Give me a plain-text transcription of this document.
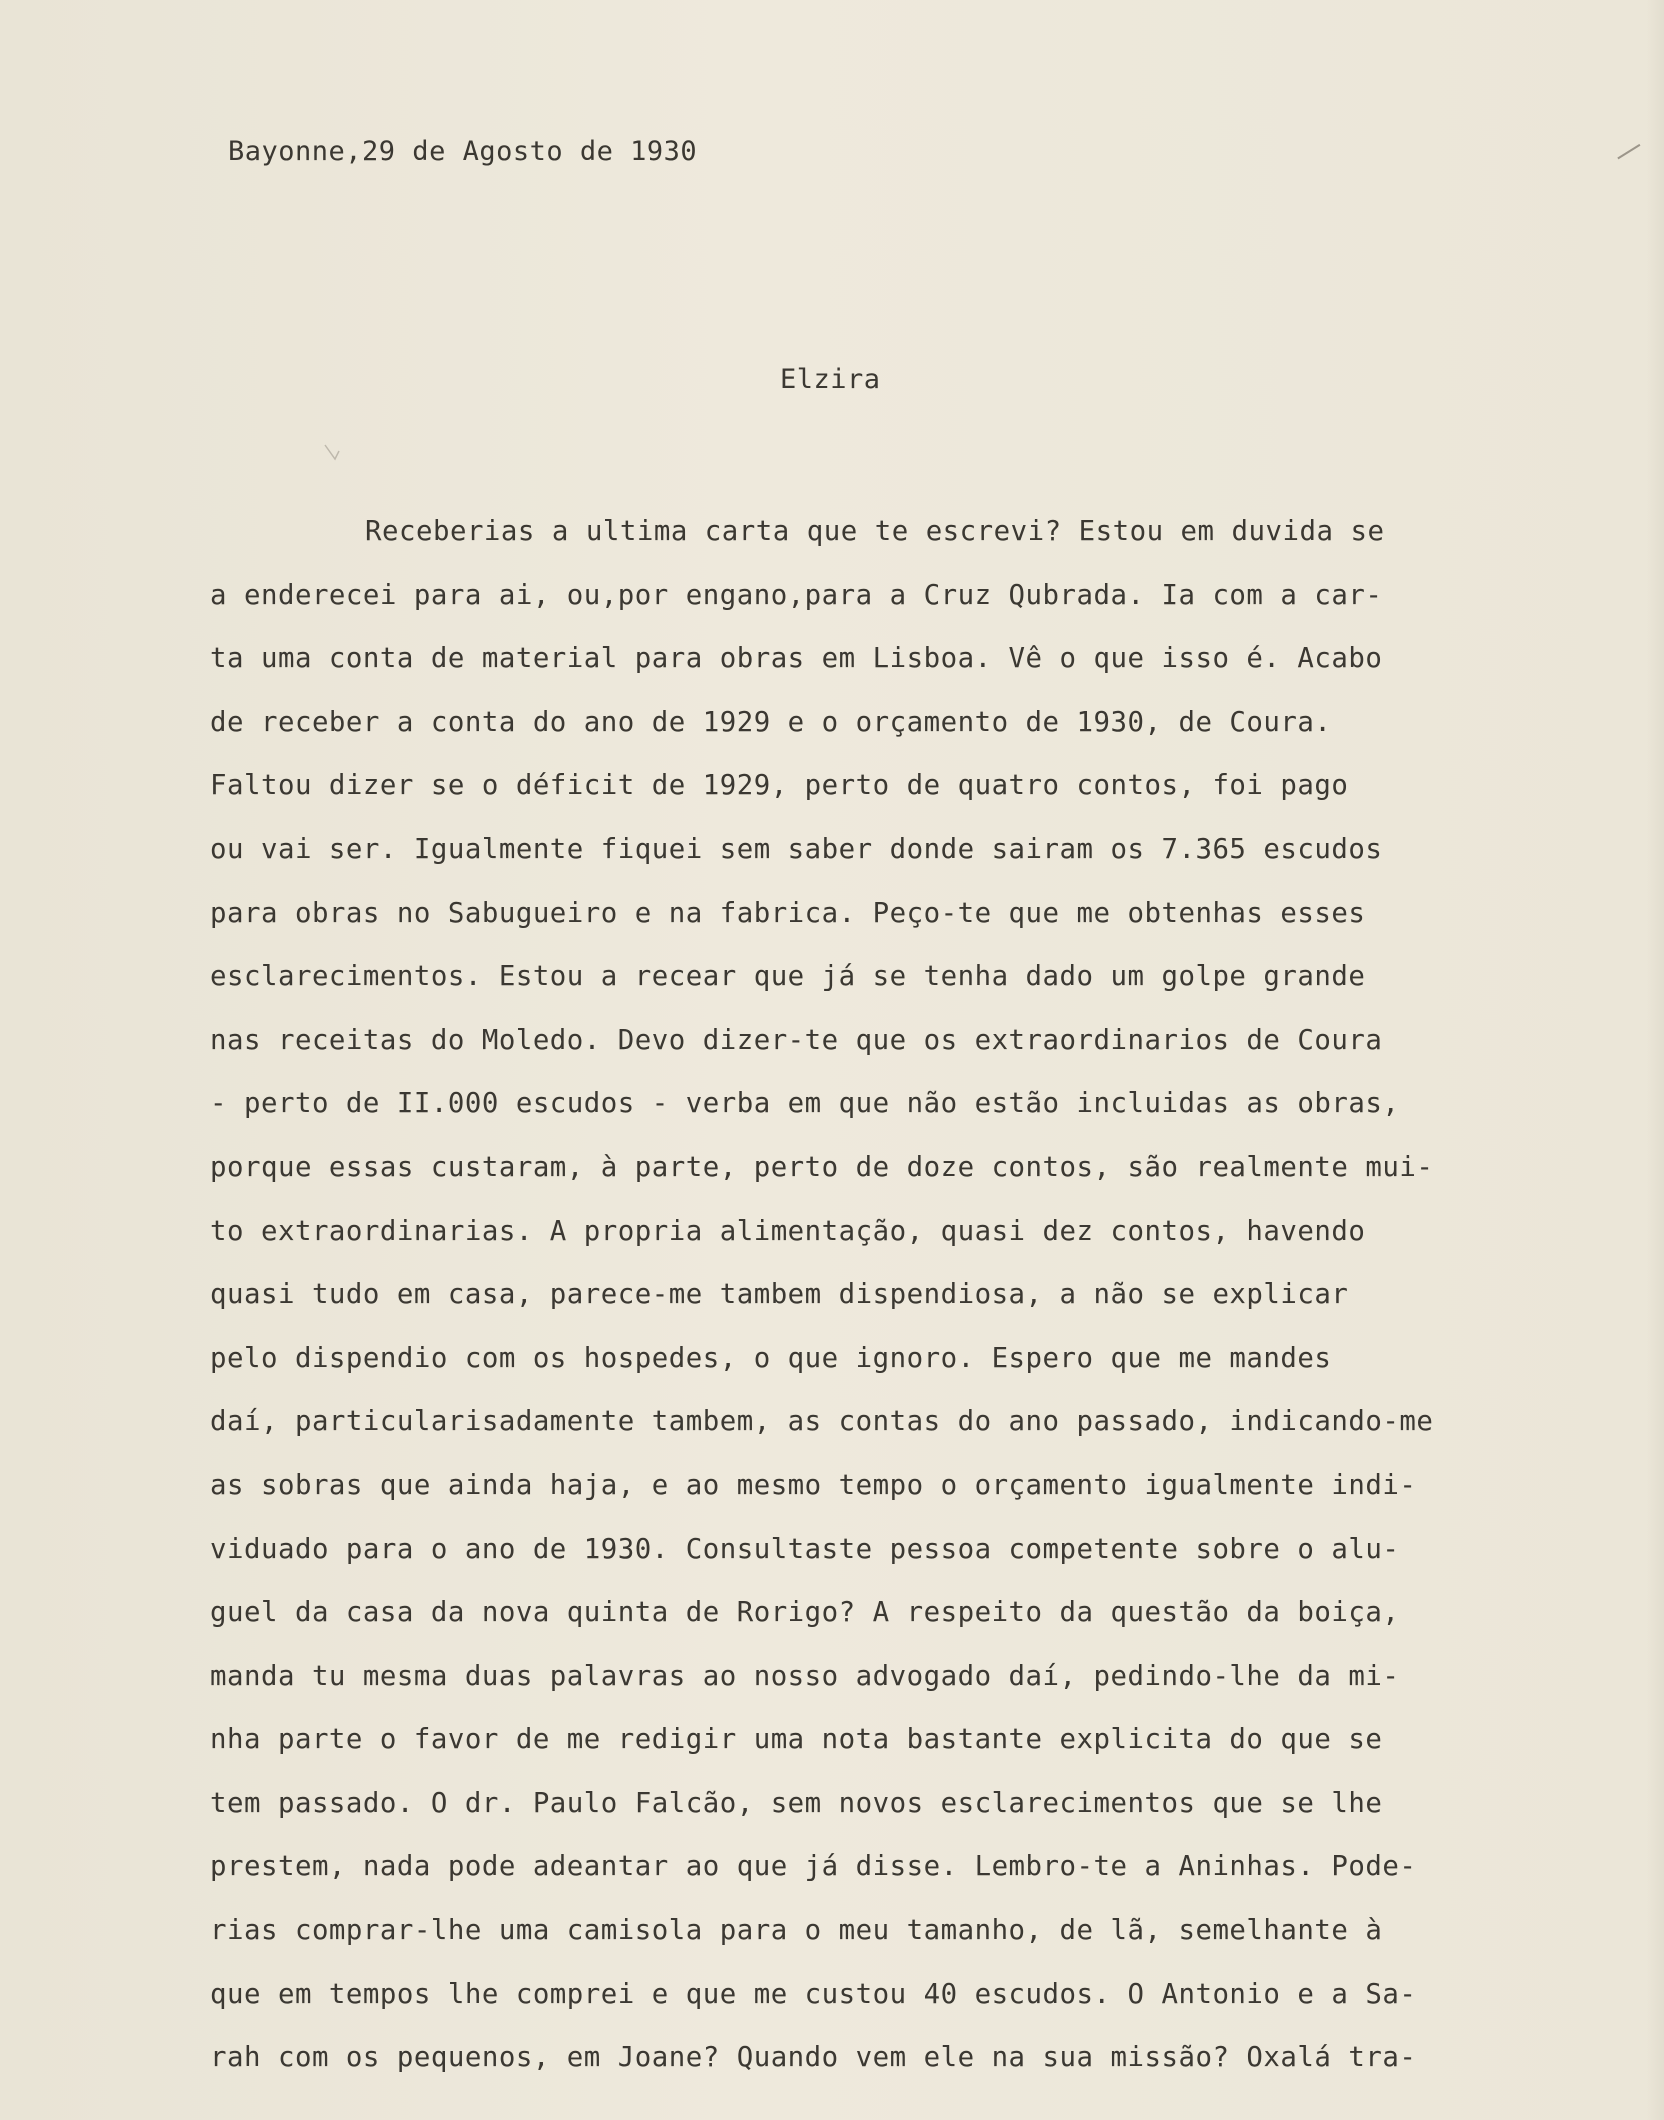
Bayonne,29 de Agosto de 1930
Elzira
Receberias a ultima carta que te escrevi? Estou em duvida se
a enderecei para ai, ou,por engano,para a Cruz Qubrada. Ia com a car-
ta uma conta de material para obras em Lisboa. Vê o que isso é. Acabo
de receber a conta do ano de 1929 e o orçamento de 1930, de Coura.
Faltou dizer se o déficit de 1929, perto de quatro contos, foi pago
ou vai ser. Igualmente fiquei sem saber donde sairam os 7.365 escudos
para obras no Sabugueiro e na fabrica. Peço-te que me obtenhas esses
esclarecimentos. Estou a recear que já se tenha dado um golpe grande
nas receitas do Moledo. Devo dizer-te que os extraordinarios de Coura
- perto de II.000 escudos - verba em que não estão incluidas as obras,
porque essas custaram, à parte, perto de doze contos, são realmente mui-
to extraordinarias. A propria alimentação, quasi dez contos, havendo
quasi tudo em casa, parece-me tambem dispendiosa, a não se explicar
pelo dispendio com os hospedes, o que ignoro. Espero que me mandes
daí, particularisadamente tambem, as contas do ano passado, indicando-me
as sobras que ainda haja, e ao mesmo tempo o orçamento igualmente indi-
viduado para o ano de 1930. Consultaste pessoa competente sobre o alu-
guel da casa da nova quinta de Rorigo? A respeito da questão da boiça,
manda tu mesma duas palavras ao nosso advogado daí, pedindo-lhe da mi-
nha parte o favor de me redigir uma nota bastante explicita do que se
tem passado. O dr. Paulo Falcão, sem novos esclarecimentos que se lhe
prestem, nada pode adeantar ao que já disse. Lembro-te a Aninhas. Pode-
rias comprar-lhe uma camisola para o meu tamanho, de lã, semelhante à
que em tempos lhe comprei e que me custou 40 escudos. O Antonio e a Sa-
rah com os pequenos, em Joane? Quando vem ele na sua missão? Oxalá tra-
